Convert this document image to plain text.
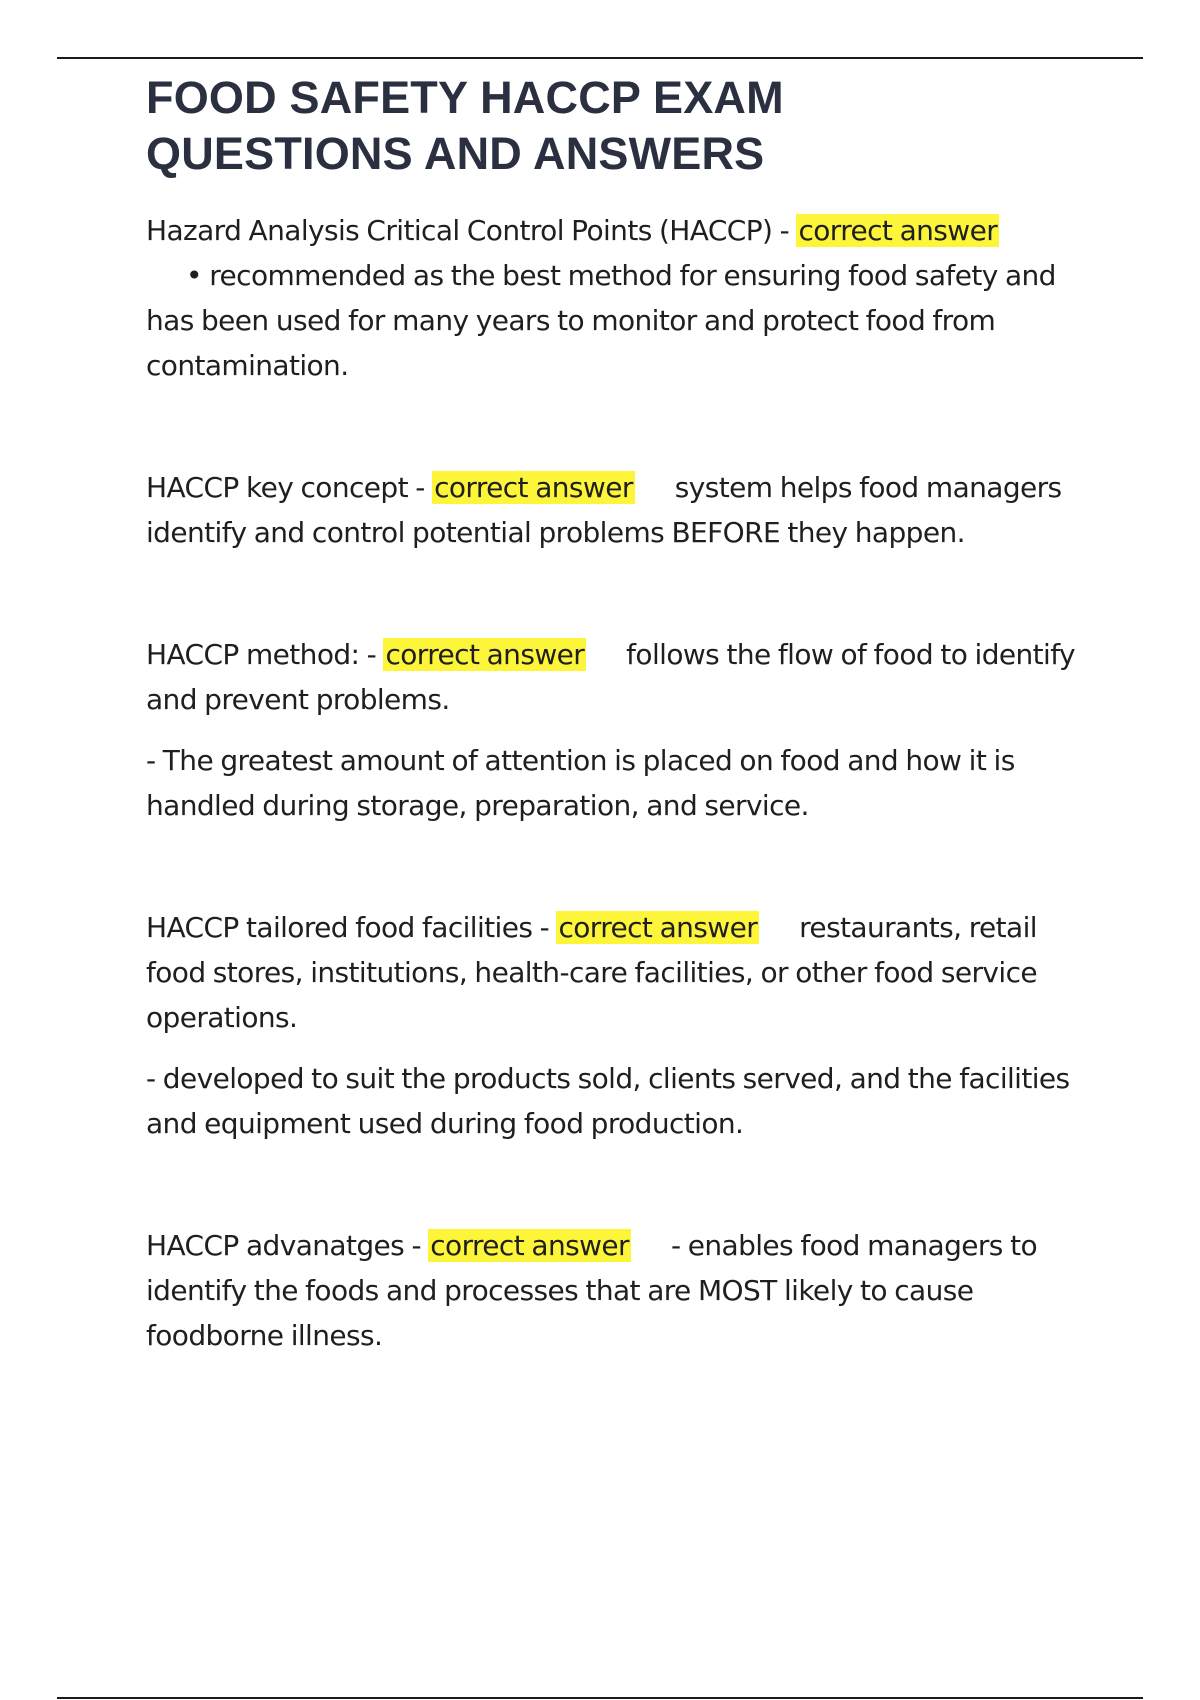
FOOD SAFETY HACCP EXAM
QUESTIONS AND ANSWERS

Hazard Analysis Critical Control Points (HACCP) - correct answer
• recommended as the best method for ensuring food safety and has been used for many years to monitor and protect food from contamination.

HACCP key concept - correct answer system helps food managers identify and control potential problems BEFORE they happen.

HACCP method: - correct answer follows the flow of food to identify and prevent problems.

- The greatest amount of attention is placed on food and how it is handled during storage, preparation, and service.

HACCP tailored food facilities - correct answer restaurants, retail food stores, institutions, health-care facilities, or other food service operations.

- developed to suit the products sold, clients served, and the facilities and equipment used during food production.

HACCP advanatges - correct answer - enables food managers to identify the foods and processes that are MOST likely to cause foodborne illness.
